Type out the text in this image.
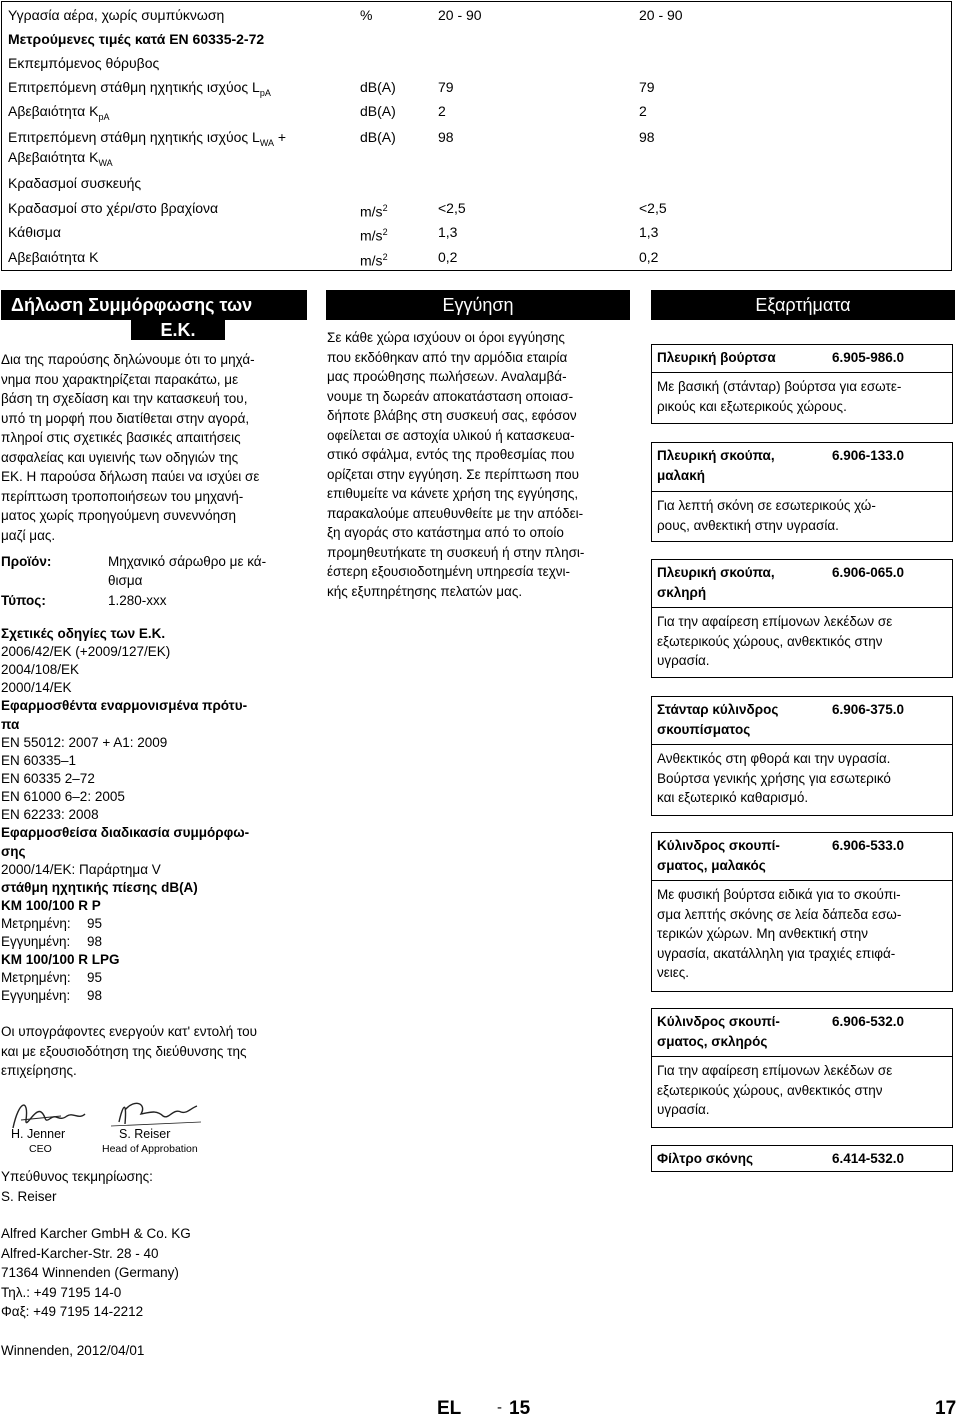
Υγρασία αέρα, χωρίς συμπύκνωση	%	20 - 90	20 - 90
Μετρούμενες τιμές κατά EN 60335-2-72
Εκπεμπόμενος θόρυβος
Επιτρεπόμενη στάθμη ηχητικής ισχύος $L_{pA}$	dB(A)	79	79
Αβεβαιότητα $K_{pA}$	dB(A)	2	2
Επιτρεπόμενη στάθμη ηχητικής ισχύος $L_{WA}$ +	dB(A)	98	98
Αβεβαιότητα $K_{WA}$
Κραδασμοί συσκευής
Κραδασμοί στο χέρι/στο βραχίονα	$m/s^2$	<2,5	<2,5
Κάθισμα	$m/s^2$	1,3	1,3
Αβεβαιότητα K	$m/s^2$	0,2	0,2
Δήλωση Συμμόρφωσης των
Ε.Κ.
Εγγύηση	Εξαρτήματα
Δια της παρούσης δηλώνουμε ότι το μηχά-
νημα που χαρακτηρίζεται παρακάτω, με
βάση τη σχεδίαση και την κατασκευή του,
υπό τη μορφή που διατίθεται στην αγορά,
πληροί στις σχετικές βασικές απαιτήσεις
ασφαλείας και υγιεινής των οδηγιών της
ΕΚ. Η παρούσα δήλωση παύει να ισχύει σε
περίπτωση τροποποιήσεων του μηχανή-
ματος χωρίς προηγούμενη συνεννόηση
μαζί μας.
Προϊόν:	Μηχανικό σάρωθρο με κά-
θισμα
Τύπος:	1.280-xxx
Σχετικές οδηγίες των Ε.Κ.
2006/42/ΕΚ (+2009/127/ΕΚ)
2004/108/ΕΚ
2000/14/ΕΚ
Εφαρμοσθέντα εναρμονισμένα πρότυ-
πα
EN 55012: 2007 + A1: 2009
EN 60335–1
EN 60335 2–72
EN 61000 6–2: 2005
EN 62233: 2008
Εφαρμοσθείσα διαδικασία συμμόρφω-
σης
2000/14/ΕΚ: Παράρτημα V
στάθμη ηχητικής πίεσης dB(A)
KM 100/100 R P
Μετρημένη: 95
Εγγυημένη: 98
KM 100/100 R LPG
Μετρημένη: 95
Εγγυημένη: 98
Οι υπογράφοντες ενεργούν κατ' εντολή του
και με εξουσιοδότηση της διεύθυνσης της
επιχείρησης.
H. Jenner
CEO
S. Reiser
Head of Approbation
Υπεύθυνος τεκμηρίωσης:
S. Reiser
Alfred Karcher GmbH & Co. KG
Alfred-Karcher-Str. 28 - 40
71364 Winnenden (Germany)
Τηλ.: +49 7195 14-0
Φαξ: +49 7195 14-2212
Winnenden, 2012/04/01
Σε κάθε χώρα ισχύουν οι όροι εγγύησης
που εκδόθηκαν από την αρμόδια εταιρία
μας προώθησης πωλήσεων. Αναλαμβά-
νουμε τη δωρεάν αποκατάσταση οποιασ-
δήποτε βλάβης στη συσκευή σας, εφόσον
οφείλεται σε αστοχία υλικού ή κατασκευα-
στικό σφάλμα, εντός της προθεσμίας που
ορίζεται στην εγγύηση. Σε περίπτωση που
επιθυμείτε να κάνετε χρήση της εγγύησης,
παρακαλούμε απευθυνθείτε με την απόδει-
ξη αγοράς στο κατάστημα από το οποίο
προμηθευτήκατε τη συσκευή ή στην πλησι-
έστερη εξουσιοδοτημένη υπηρεσία τεχνι-
κής εξυπηρέτησης πελατών μας.
Πλευρική βούρτσα	6.905-986.0
Με βασική (στάνταρ) βούρτσα για εσωτε-
ρικούς και εξωτερικούς χώρους.
Πλευρική σκούπα,
μαλακή
6.906-133.0
Για λεπτή σκόνη σε εσωτερικούς χώ-
ρους, ανθεκτική στην υγρασία.
Πλευρική σκούπα,
σκληρή
6.906-065.0
Για την αφαίρεση επίμονων λεκέδων σε
εξωτερικούς χώρους, ανθεκτικός στην
υγρασία.
Στάνταρ κύλινδρος
σκουπίσματος
6.906-375.0
Ανθεκτικός στη φθορά και την υγρασία.
Βούρτσα γενικής χρήσης για εσωτερικό
και εξωτερικό καθαρισμό.
Κύλινδρος σκουπί-
σματος, μαλακός
6.906-533.0
Με φυσική βούρτσα ειδικά για το σκούπι-
σμα λεπτής σκόνης σε λεία δάπεδα εσω-
τερικών χώρων. Μη ανθεκτική στην
υγρασία, ακατάλληλη για τραχιές επιφά-
νειες.
Κύλινδρος σκουπί-
σματος, σκληρός
6.906-532.0
Για την αφαίρεση επίμονων λεκέδων σε
εξωτερικούς χώρους, ανθεκτικός στην
υγρασία.
Φίλτρο σκόνης	6.414-532.0
EL - 15	17
